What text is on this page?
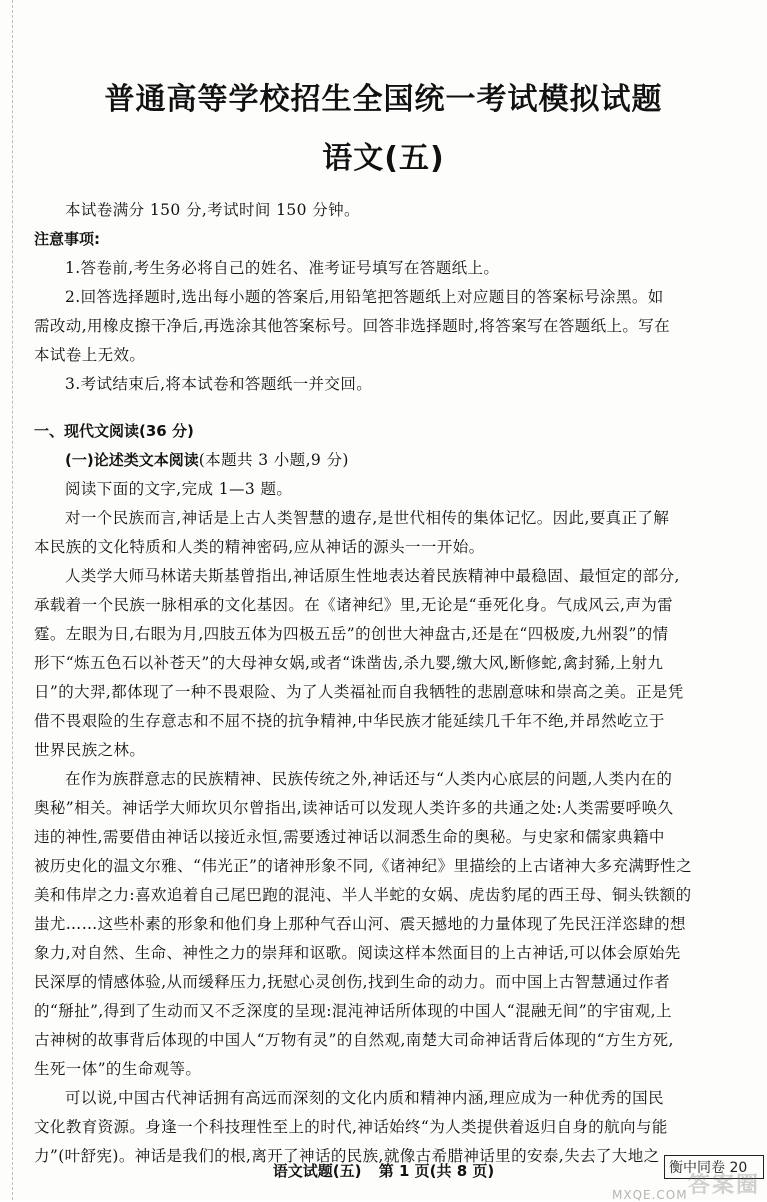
普通高等学校招生全国统一考试模拟试题
语文(五)

本试卷满分 150 分,考试时间 150 分钟。

注意事项:

1.答卷前,考生务必将自己的姓名、准考证号填写在答题纸上。

2.回答选择题时,选出每小题的答案后,用铅笔把答题纸上对应题目的答案标号涂黑。如

需改动,用橡皮擦干净后,再选涂其他答案标号。回答非选择题时,将答案写在答题纸上。写在

本试卷上无效。

3.考试结束后,将本试卷和答题纸一并交回。

一、现代文阅读(36 分)

(一)论述类文本阅读(本题共 3 小题,9 分)

阅读下面的文字,完成 1—3 题。

对一个民族而言,神话是上古人类智慧的遗存,是世代相传的集体记忆。因此,要真正了解

本民族的文化特质和人类的精神密码,应从神话的源头一一开始。

人类学大师马林诺夫斯基曾指出,神话原生性地表达着民族精神中最稳固、最恒定的部分,

承载着一个民族一脉相承的文化基因。在《诸神纪》里,无论是“垂死化身。气成风云,声为雷

霆。左眼为日,右眼为月,四肢五体为四极五岳”的创世大神盘古,还是在“四极废,九州裂”的情

形下“炼五色石以补苍天”的大母神女娲,或者“诛凿齿,杀九婴,缴大风,断修蛇,禽封豨,上射九

日”的大羿,都体现了一种不畏艰险、为了人类福祉而自我牺牲的悲剧意味和崇高之美。正是凭

借不畏艰险的生存意志和不屈不挠的抗争精神,中华民族才能延续几千年不绝,并昂然屹立于

世界民族之林。

在作为族群意志的民族精神、民族传统之外,神话还与“人类内心底层的问题,人类内在的

奥秘”相关。神话学大师坎贝尔曾指出,读神话可以发现人类许多的共通之处:人类需要呼唤久

违的神性,需要借由神话以接近永恒,需要透过神话以洞悉生命的奥秘。与史家和儒家典籍中

被历史化的温文尔雅、“伟光正”的诸神形象不同,《诸神纪》里描绘的上古诸神大多充满野性之

美和伟岸之力:喜欢追着自己尾巴跑的混沌、半人半蛇的女娲、虎齿豹尾的西王母、铜头铁额的

蚩尤……这些朴素的形象和他们身上那种气吞山河、震天撼地的力量体现了先民汪洋恣肆的想

象力,对自然、生命、神性之力的崇拜和讴歌。阅读这样本然面目的上古神话,可以体会原始先

民深厚的情感体验,从而缓释压力,抚慰心灵创伤,找到生命的动力。而中国上古智慧通过作者

的“掰扯”,得到了生动而又不乏深度的呈现:混沌神话所体现的中国人“混融无间”的宇宙观,上

古神树的故事背后体现的中国人“万物有灵”的自然观,南楚大司命神话背后体现的“方生方死,

生死一体”的生命观等。

可以说,中国古代神话拥有高远而深刻的文化内质和精神内涵,理应成为一种优秀的国民

文化教育资源。身逢一个科技理性至上的时代,神话始终“为人类提供着返归自身的航向与能

力”(叶舒宪)。神话是我们的根,离开了神话的民族,就像古希腊神话里的安泰,失去了大地之

语文试题(五) 第 1 页(共 8 页)	衡中同卷 20
答案圈
MXQE.COM
